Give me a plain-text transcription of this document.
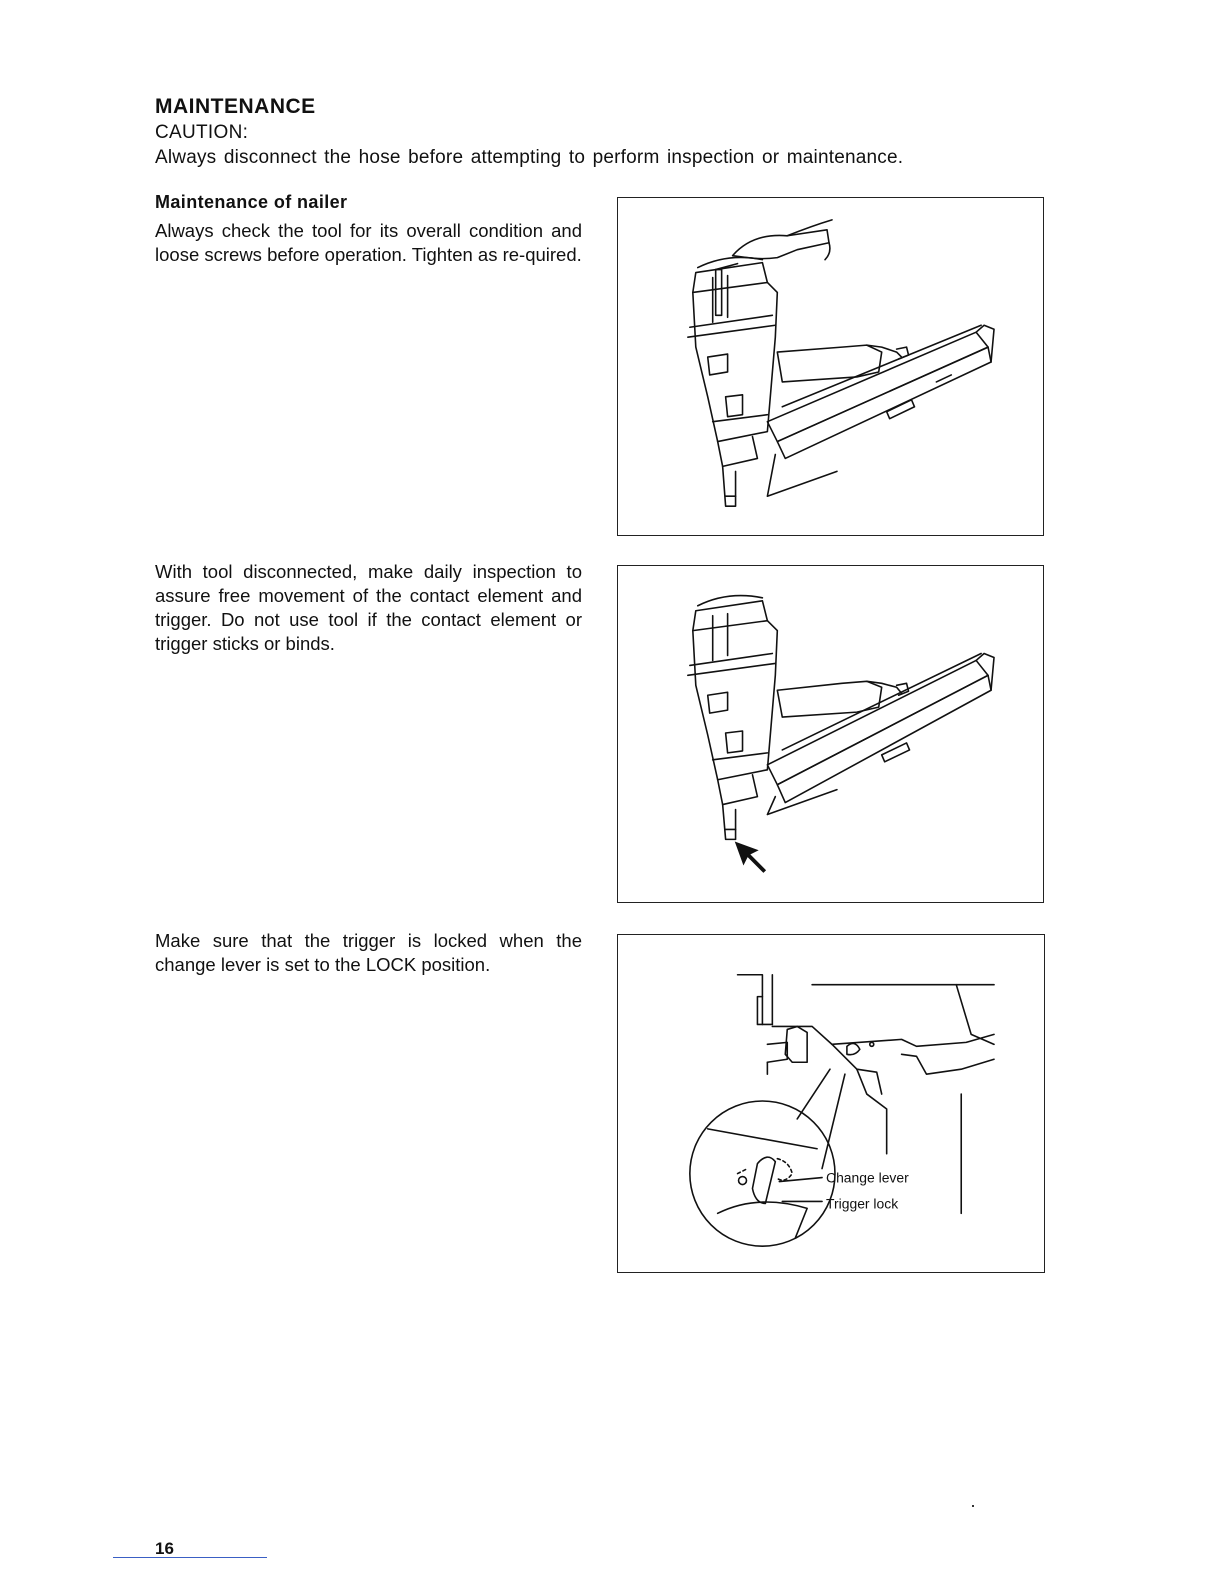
MAINTENANCE
CAUTION:
Always disconnect the hose before attempting to perform inspection or maintenance.
Maintenance of nailer
Always check the tool for its overall condition and loose screws before operation. Tighten as re-quired.
With tool disconnected, make daily inspection to assure free movement of the contact element and trigger. Do not use tool if the contact element or trigger sticks or binds.
Make sure that the trigger is locked when the change lever is set to the LOCK position.
Change lever
Trigger lock
16
